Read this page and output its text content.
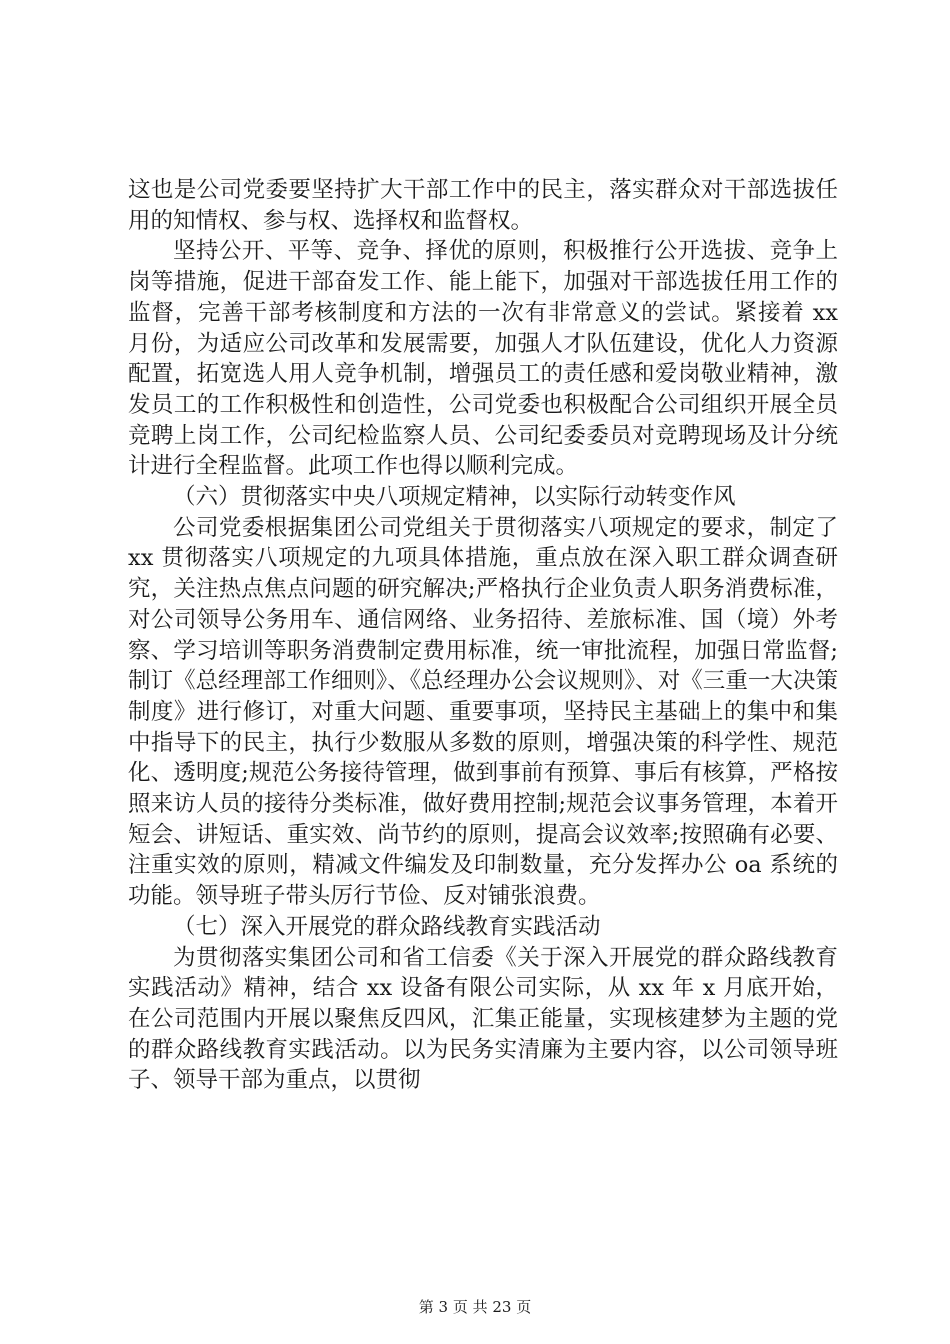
这也是公司党委要坚持扩大干部工作中的民主，落实群众对干部选拔任用的知情权、参与权、选择权和监督权。

坚持公开、平等、竞争、择优的原则，积极推行公开选拔、竞争上岗等措施，促进干部奋发工作、能上能下，加强对干部选拔任用工作的监督，完善干部考核制度和方法的一次有非常意义的尝试。紧接着 xx 月份，为适应公司改革和发展需要，加强人才队伍建设，优化人力资源配置，拓宽选人用人竞争机制，增强员工的责任感和爱岗敬业精神，激发员工的工作积极性和创造性，公司党委也积极配合公司组织开展全员竞聘上岗工作，公司纪检监察人员、公司纪委委员对竞聘现场及计分统计进行全程监督。此项工作也得以顺利完成。

（六）贯彻落实中央八项规定精神，以实际行动转变作风

公司党委根据集团公司党组关于贯彻落实八项规定的要求，制定了 xx 贯彻落实八项规定的九项具体措施，重点放在深入职工群众调查研究，关注热点焦点问题的研究解决;严格执行企业负责人职务消费标准，对公司领导公务用车、通信网络、业务招待、差旅标准、国（境）外考察、学习培训等职务消费制定费用标准，统一审批流程，加强日常监督;制订《总经理部工作细则》、《总经理办公会议规则》、对《三重一大决策制度》进行修订，对重大问题、重要事项，坚持民主基础上的集中和集中指导下的民主，执行少数服从多数的原则，增强决策的科学性、规范化、透明度;规范公务接待管理，做到事前有预算、事后有核算，严格按照来访人员的接待分类标准，做好费用控制;规范会议事务管理，本着开短会、讲短话、重实效、尚节约的原则，提高会议效率;按照确有必要、注重实效的原则，精减文件编发及印制数量，充分发挥办公 oa 系统的功能。领导班子带头厉行节俭、反对铺张浪费。

（七）深入开展党的群众路线教育实践活动

为贯彻落实集团公司和省工信委《关于深入开展党的群众路线教育实践活动》精神，结合 xx 设备有限公司实际，从 xx 年 x 月底开始，在公司范围内开展以聚焦反四风，汇集正能量，实现核建梦为主题的党的群众路线教育实践活动。以为民务实清廉为主要内容，以公司领导班子、领导干部为重点，以贯彻

第 3 页 共 23 页
